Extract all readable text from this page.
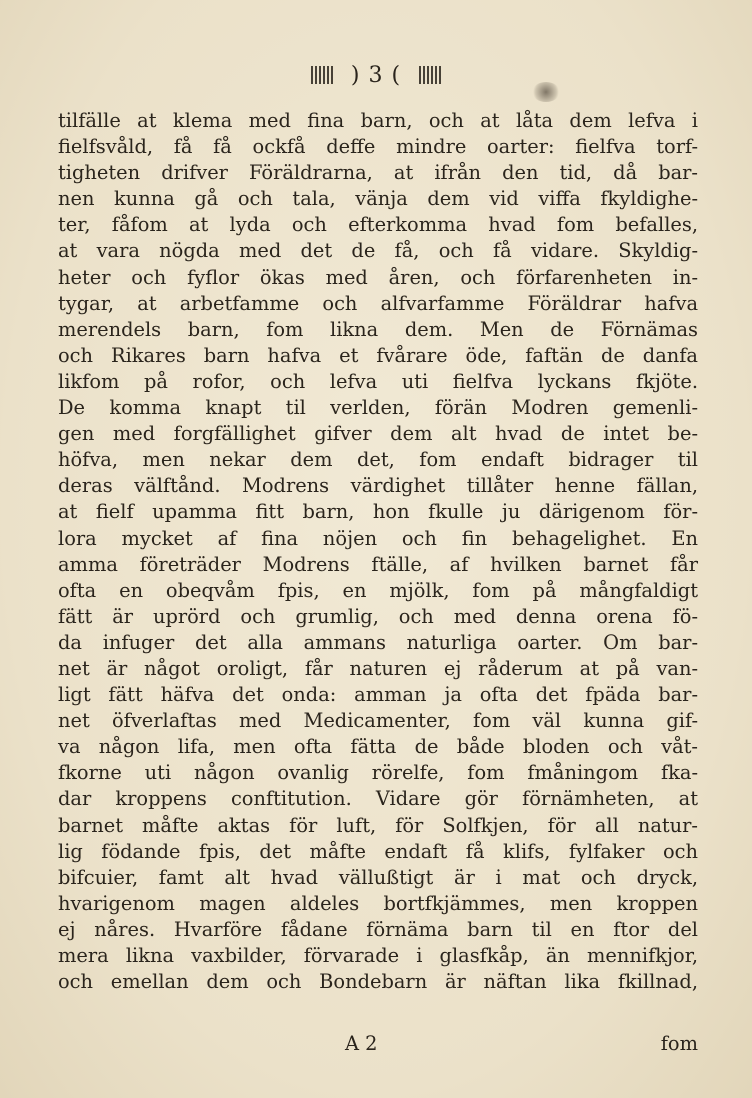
) 3 (
tilfälle at klema med fina barn, och at låta dem lefva i
fielfsvåld, få få ockfå deffe mindre oarter: fielfva torf-
tigheten drifver Föräldrarna, at ifrån den tid, då bar-
nen kunna gå och tala, vänja dem vid viffa fkyldighe-
ter, fåfom at lyda och efterkomma hvad fom befalles,
at vara nögda med det de få, och få vidare. Skyldig-
heter och fyflor ökas med åren, och förfarenheten in-
tygar, at arbetfamme och alfvarfamme Föräldrar hafva
merendels barn, fom likna dem. Men de Förnämas
och Rikares barn hafva et fvårare öde, faftän de danfa
likfom på rofor, och lefva uti fielfva lyckans fkjöte.
De komma knapt til verlden, förän Modren gemenli-
gen med forgfällighet gifver dem alt hvad de intet be-
höfva, men nekar dem det, fom endaft bidrager til
deras välftånd. Modrens värdighet tillåter henne fällan,
at fielf upamma fitt barn, hon fkulle ju därigenom för-
lora mycket af fina nöjen och fin behagelighet. En
amma företräder Modrens ftälle, af hvilken barnet får
ofta en obeqvåm fpis, en mjölk, fom på mångfaldigt
fätt är uprörd och grumlig, och med denna orena fö-
da infuger det alla ammans naturliga oarter. Om bar-
net är något oroligt, får naturen ej råderum at på van-
ligt fätt häfva det onda: amman ja ofta det fpäda bar-
net öfverlaftas med Medicamenter, fom väl kunna gif-
va någon lifa, men ofta fätta de både bloden och våt-
fkorne uti någon ovanlig rörelfe, fom fmåningom fka-
dar kroppens conftitution. Vidare gör förnämheten, at
barnet måfte aktas för luft, för Solfkjen, för all natur-
lig födande fpis, det måfte endaft få klifs, fylfaker och
bifcuier, famt alt hvad vällußtigt är i mat och dryck,
hvarigenom magen aldeles bortfkjämmes, men kroppen
ej nåres. Hvarföre fådane förnäma barn til en ftor del
mera likna vaxbilder, förvarade i glasfkåp, än mennifkjor,
och emellan dem och Bondebarn är näftan lika fkillnad,
A 2	fom
